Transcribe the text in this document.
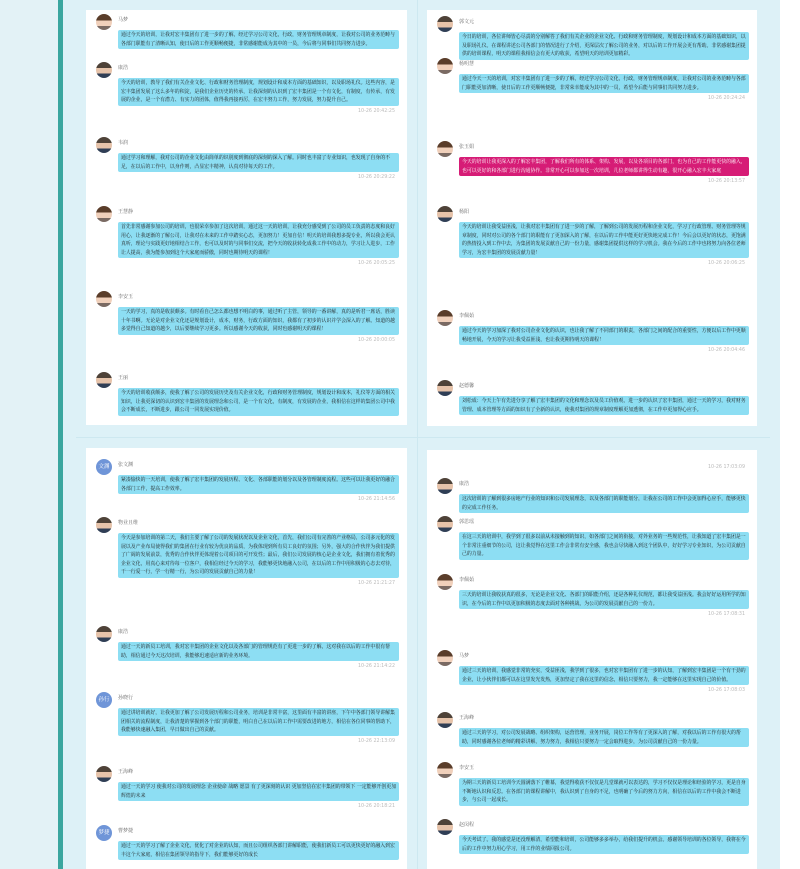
马梦
通过今天的培训，让我对宏丰集团有了进一步的了解，经过学习公司文化，行政，财务管理规章制度，让我对公司的业务范畴与各部门职能有了清晰认知，使日后的工作更顺畅便捷，非常感谢能成为其中的一员，今后将与同事们共同努力进步。
康浩
今天的培训，教导了我们有关企业文化、行政和财务管理制度，规划设计和成本方面的基础知识，以及职场礼仪。这些内容，是宏丰集团发展了这么多年的积淀，是我们企业历史的传承，让我深刻的认识到了宏丰集团是一个有文化，有制度，有传承，有发展的企业，是一个有潜力、有实力的团体，值得我再接再厉，在宏丰努力工作，努力发展，努力提升自己。
10-26 20:42:25
韦润
通过学习和理解，我对公司的企业文化由简单的识别度到彻底的深刻的深入了解。同时也丰富了专业知识，也发现了自身的不足，在以后的工作中，以身作则，凸显宏丰精神，认真对待每天的工作。
10-26 20:29:22
王慧静
首先非常感谢参加公司的培训，也很荣幸参加了这次培训，通过这一天的培训，让我充分感受到了公司的员工负责的态度和良好用心，让我逐渐的了解公司，让我对在未来的工作中踏实心态，更加努力！更加自信！明天的培训我想多提专业，所以我会更认真听，理论与实践更好地相结合工作，也可以及时的与同事们交流，把今天的收获转化成我工作中的动力，学习让人进步，工作让人提高，我为能参加到这个大家庭而骄傲，同时也期待明天的课程！
10-26 20:05:25
李安玉
一天的学习，真的是收获颇多。有时看自己怎么都也想不明白的事，通过听了主管，领导的一番讲解，真的是听君一席话，胜读十年书啊。无论是对企业文化还是规划设计，成本，财务，行政方面的知识，我都有了初步的认识并学会深入的了解。知道的越多觉得自己知道的越少，以后要继续学习更多。所以感谢今天的收获，同时也感谢明天的课程！
10-26 20:00:05
王丽
今天的培训收获颇多，使我了解了公司的发展历史及有关企业文化，行政和财务管理制度，规划设计和成本，礼仪等方面的相关知识，让我更深切的认识到宏丰集团的发展理念和公司，是一个有文化，有制度，有发展的企业，我相信在这样的集团公司中我会不断成长，不断进步，跟公司一同发展实现价值。
郭文元
今日的培训，各位讲师皆心尽责的分别解答了我们有关企业的企业文化、行政和财务管理制度，规划设计和成本方面的基础知识，以及职场礼仪。在课程讲述公司各部门的情况进行了介绍，更深层次了解公司的业务，对以后的工作开展会更有帮助。非常感谢集团提供的培训课程，明天的课程我相信会有更大的收获，希望明天的培训更加精彩。
杨明慧
通过今天一天的培训，对宏丰集团有了进一步的了解，经过学习公司文化，行政，财务管理规章制度，让我对公司的业务范畴与各部门职能更加清晰，使日后的工作更顺畅便捷，非常荣幸能成为其中的一员，希望今后能与同事们共同努力进步。
10-26 20:24:24
张玉娟
今天的培训让我更深入的了解宏丰集团，了解我们所有的体系、架构、发展，以及各项目的各部门，也为自己的工作能更快的融入，也可以更好的和各部门进行沟通协作。非常开心可以参加这一次培训，几位老师都讲得生动有趣，很开心融入宏丰大家庭
10-26 20:13:57
杨阳
今天的培训让我受益匪浅，让我对宏丰集团有了进一步的了解，了解到公司的发展历程和企业文化，学习了行政管理、财务管理等规章制度，同时对公司的各个部门的职能有了更加深入的了解，在以后的工作中能更好更快地完成工作！今后会以更好的状态，更饱满的热情投入到工作中去，为集团的发展贡献自己的一份力量，感谢集团提供这样的学习机会。我在今后的工作中也将努力向各位老师学习，为宏丰集团的发展贡献力量！
10-26 20:06:25
李佩茹
通过今天的学习加深了我对公司企业文化的认识，也让我了解了不同部门的职责，各部门之间的配合的重要性，方便以后工作中更顺畅地开展，今天的学习让我受益匪浅，也让我更期待明天的课程！
10-26 20:04:46
赵德馨
刘松成：今天上午有先进分享了解了宏丰集团的文化和理念以及员工价值观，进一步的认识了宏丰集团，通过一天的学习，我对财务管理、成本管理等方面的知识有了全新的认识，使我对集团的规章制度理解更加透彻，在工作中更加得心应手。
文渊	张文渊
紧凑愉快的一天培训，使我了解了宏丰集团的发展历程、文化、各部职能的划分以及各管理制度流程。这些可以让我更好的融合各部门工作，提高工作效率。
10-26 21:14:56
物业且维
今天是参加培训的第二天，我们主要了解了公司的发展状况以及企业文化，首先，我们公司有完善的产业格局，公司多元化的发展以及产业布局使得我们的集团在行业有较为优良的品质，为我体现到所有员工良好的氛围；另外，强大的合作伙伴为我们提供了广阔的发展前景，优秀的合作伙伴更体现着公司项目的可开发性；最后，我们公司发展的核心是企业文化，我们拥有着优秀的企业文化，用真心来对待每一位客户，我相信经过今天的学习，我能够更快地融入公司，在以后的工作中用积极的心态去对待，干一行爱一行，学一行精一行，为公司的发展贡献自己的力量！
10-26 21:21:27
康浩
通过一天的新员工培训，我对宏丰集团的企业文化以及各部门的管理规范有了更进一步的了解，这对我在以后的工作中很有帮助，相信通过今天这次培训，我能够迅速适应新的业务环境。
10-26 21:14:22
孙行	孙晓行
通过讲培训就好，让我更加了解了公司发展历程和公司业务，培训是非常丰富，这里面有丰富的讲座，下午中各部门领导讲解集团相关的流程制度，让我清楚的掌握到各个部门的职能，明白自己在以后的工作中需要改进的地方，相信在各位同事的帮助下，我能够快速融入集团，早日做出自己的贡献。
10-26 22:13:09
王海峰
通过一天的学习 使我对公司的发展理念 企业使命 战略 愿景 有了更深刻的认识 更加坚信在宏丰集团的带领下 一定能够开创更加辉煌的未来
10-26 20:18:21
梦捷	曹梦捷
通过一天的学习了解了企业文化，优化了对企业的认知，而且公司组织各部门讲解职能，使我们新员工可以更快更好的融入到宏丰这个大家庭，相信在集团领导的指导下，我们能够更好的成长
10-26 17:03:09
康浩
这次培训的了解到很多房地产行业的知识和公司发展理念，以及各部门的职能划分，让我在公司的工作中会更加得心应手，能够更快的完成工作任务。
郭思瑶
在这三天的培训中，我学到了很多以前从未接触到的知识，如各部门之间的衔接，对外业务的一些规范性，让我知道了宏丰集团是一个非常注重细节的公司，这让我觉得在这里工作会非常有安全感，我也会尽快融入到这个团队中，好好学习专业知识，为公司贡献自己的力量。
李佩茹
三天的培训让我收获真的很多，无论是企业文化、各部门的职能介绍，还是各种礼仪规范，都让我受益匪浅。我会好好运用所学的知识，在今后的工作中以更加积极的态度去面对各种挑战，为公司的发展贡献自己的一份力。
10-26 17:08:31
马梦
通过三天的培训，我感觉非常的充实，受益匪浅，我学到了很多，也对宏丰集团有了进一步的认知，了解到宏丰集团是一个有干劲的企业，让小伙伴们都可以在这里发光发热，更加坚定了我在这里的信念，相信只要努力，我一定能够在这里实现自己的价值。
10-26 17:08:03
王海峰
通过三天的学习，对公司发展战略、组织架构，运营管理，业务开展，岗位工作等有了更深入的了解，对我以后的工作有很大的帮助，同时感谢各位老师的精彩讲解，努力努力，我相信只要努力一定会取得进步，为公司贡献自己的一份力量。
李安玉
为期三天的新员工培训今天圆满落下了帷幕，我觉得收获不仅仅是几堂课就可以表达的，学习不仅仅是理论和经验的学习，更是自身不断地认识和反思。在各部门的课程讲解中，我认识到了自身的不足，也明确了今后的努力方向，相信在以后的工作中我会不断进步，与公司一起成长。
赵闵程
今天考试了。我的感觉是还没理解清，希望能和培训，公司能够多多举办，给我们提升的机会。感谢领导培训的各位领导，我将在今后的工作中努力用心学习，用工作的业绩回报公司。
